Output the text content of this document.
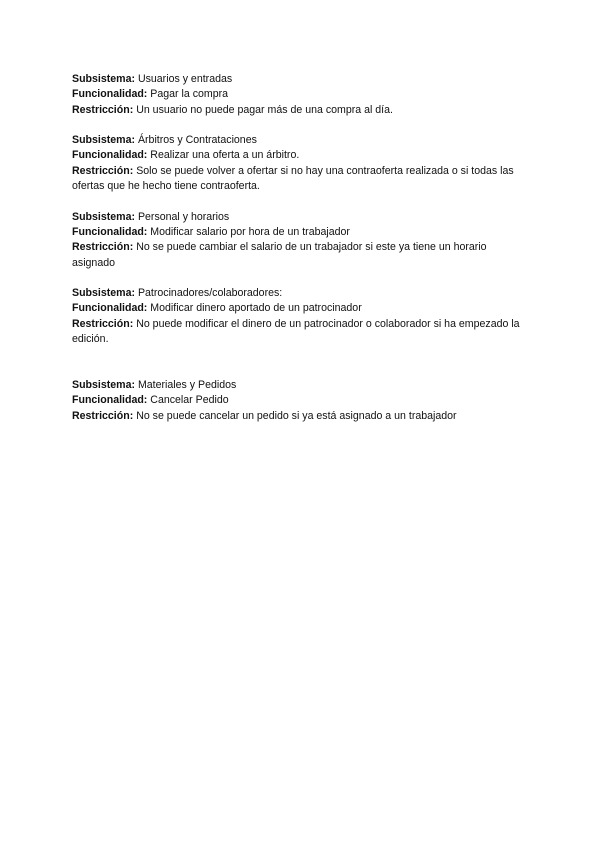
Subsistema: Usuarios y entradas

Funcionalidad: Pagar la compra

Restricción: Un usuario no puede pagar más de una compra al día.

Subsistema: Árbitros y Contrataciones

Funcionalidad: Realizar una oferta a un árbitro.

Restricción: Solo se puede volver a ofertar si no hay una contraoferta realizada o si todas las ofertas que he hecho tiene contraoferta.

Subsistema: Personal y horarios

Funcionalidad: Modificar salario por hora de un trabajador

Restricción: No se puede cambiar el salario de un trabajador si este ya tiene un horario asignado

Subsistema: Patrocinadores/colaboradores:

Funcionalidad: Modificar dinero aportado de un patrocinador

Restricción: No puede modificar el dinero de un patrocinador o colaborador si ha empezado la edición.

Subsistema: Materiales y Pedidos

Funcionalidad: Cancelar Pedido

Restricción: No se puede cancelar un pedido si ya está asignado a un trabajador
